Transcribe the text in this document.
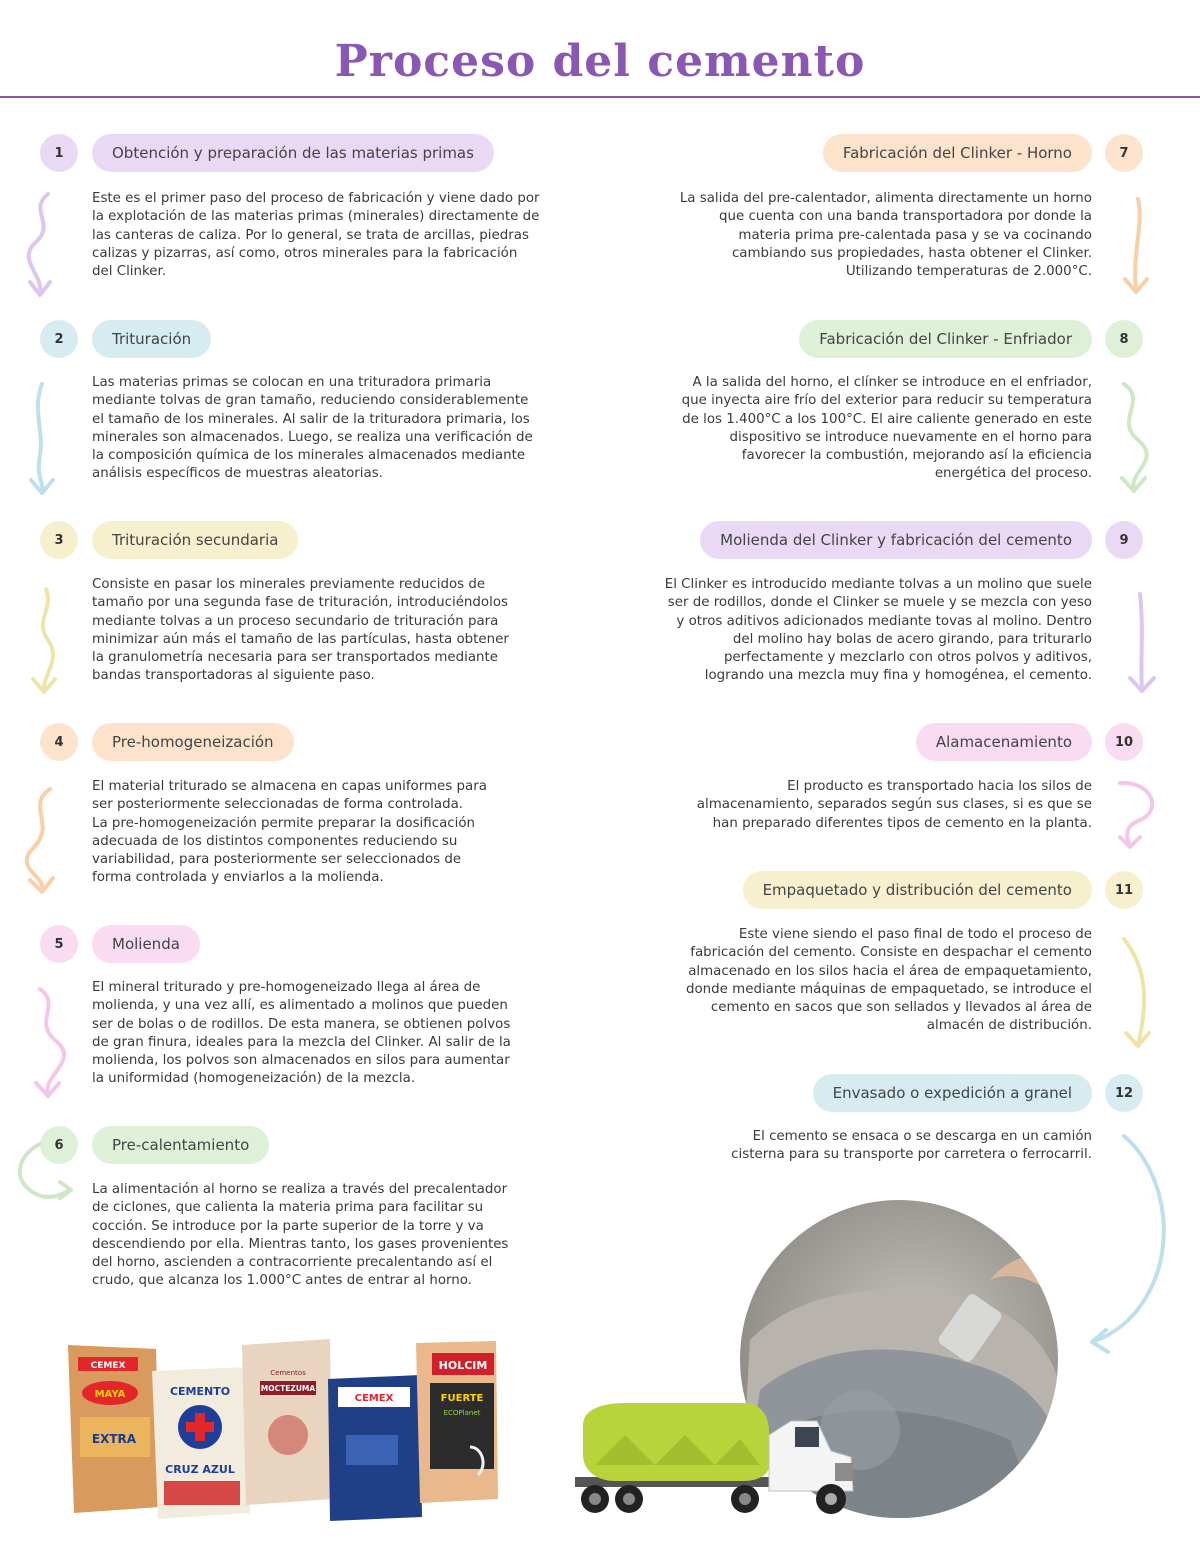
Proceso del cemento
1	Obtención y preparación de las materias primas
Este es el primer paso del proceso de fabricación y viene dado por
la explotación de las materias primas (minerales) directamente de
las canteras de caliza. Por lo general, se trata de arcillas, piedras
calizas y pizarras, así como, otros minerales para la fabricación
del Clinker.
2	Trituración
Las materias primas se colocan en una trituradora primaria
mediante tolvas de gran tamaño, reduciendo considerablemente
el tamaño de los minerales. Al salir de la trituradora primaria, los
minerales son almacenados. Luego, se realiza una verificación de
la composición química de los minerales almacenados mediante
análisis específicos de muestras aleatorias.
3	Trituración secundaria
Consiste en pasar los minerales previamente reducidos de
tamaño por una segunda fase de trituración, introduciéndolos
mediante tolvas a un proceso secundario de trituración para
minimizar aún más el tamaño de las partículas, hasta obtener
la granulometría necesaria para ser transportados mediante
bandas transportadoras al siguiente paso.
4	Pre-homogeneización
El material triturado se almacena en capas uniformes para
ser posteriormente seleccionadas de forma controlada.
La pre-homogeneización permite preparar la dosificación
adecuada de los distintos componentes reduciendo su
variabilidad, para posteriormente ser seleccionados de
forma controlada y enviarlos a la molienda.
5	Molienda
El mineral triturado y pre-homogeneizado llega al área de
molienda, y una vez allí, es alimentado a molinos que pueden
ser de bolas o de rodillos. De esta manera, se obtienen polvos
de gran finura, ideales para la mezcla del Clinker. Al salir de la
molienda, los polvos son almacenados en silos para aumentar
la uniformidad (homogeneización) de la mezcla.
6	Pre-calentamiento
La alimentación al horno se realiza a través del precalentador
de ciclones, que calienta la materia prima para facilitar su
cocción. Se introduce por la parte superior de la torre y va
descendiendo por ella. Mientras tanto, los gases provenientes
del horno, ascienden a contracorriente precalentando así el
crudo, que alcanza los 1.000°C antes de entrar al horno.
Fabricación del Clinker - Horno	7
La salida del pre-calentador, alimenta directamente un horno
que cuenta con una banda transportadora por donde la
materia prima pre-calentada pasa y se va cocinando
cambiando sus propiedades, hasta obtener el Clinker.
Utilizando temperaturas de 2.000°C.
Fabricación del Clinker - Enfriador	8
A la salida del horno, el clínker se introduce en el enfriador,
que inyecta aire frío del exterior para reducir su temperatura
de los 1.400°C a los 100°C. El aire caliente generado en este
dispositivo se introduce nuevamente en el horno para
favorecer la combustión, mejorando así la eficiencia
energética del proceso.
Molienda del Clinker y fabricación del cemento	9
El Clinker es introducido mediante tolvas a un molino que suele
ser de rodillos, donde el Clinker se muele y se mezcla con yeso
y otros aditivos adicionados mediante tovas al molino. Dentro
del molino hay bolas de acero girando, para triturarlo
perfectamente y mezclarlo con otros polvos y aditivos,
logrando una mezcla muy fina y homogénea, el cemento.
Alamacenamiento	10
El producto es transportado hacia los silos de
almacenamiento, separados según sus clases, si es que se
han preparado diferentes tipos de cemento en la planta.
Empaquetado y distribución del cemento	11
Este viene siendo el paso final de todo el proceso de
fabricación del cemento. Consiste en despachar el cemento
almacenado en los silos hacia el área de empaquetamiento,
donde mediante máquinas de empaquetado, se introduce el
cemento en sacos que son sellados y llevados al área de
almacén de distribución.
Envasado o expedición a granel	12
El cemento se ensaca o se descarga en un camión
cisterna para su transporte por carretera o ferrocarril.
CEMEX
MAYA
EXTRA
CEMENTO
CRUZ AZUL
MOCTEZUMA
Cementos
CEMEX
HOLCIM
FUERTE
ECOPlanet
